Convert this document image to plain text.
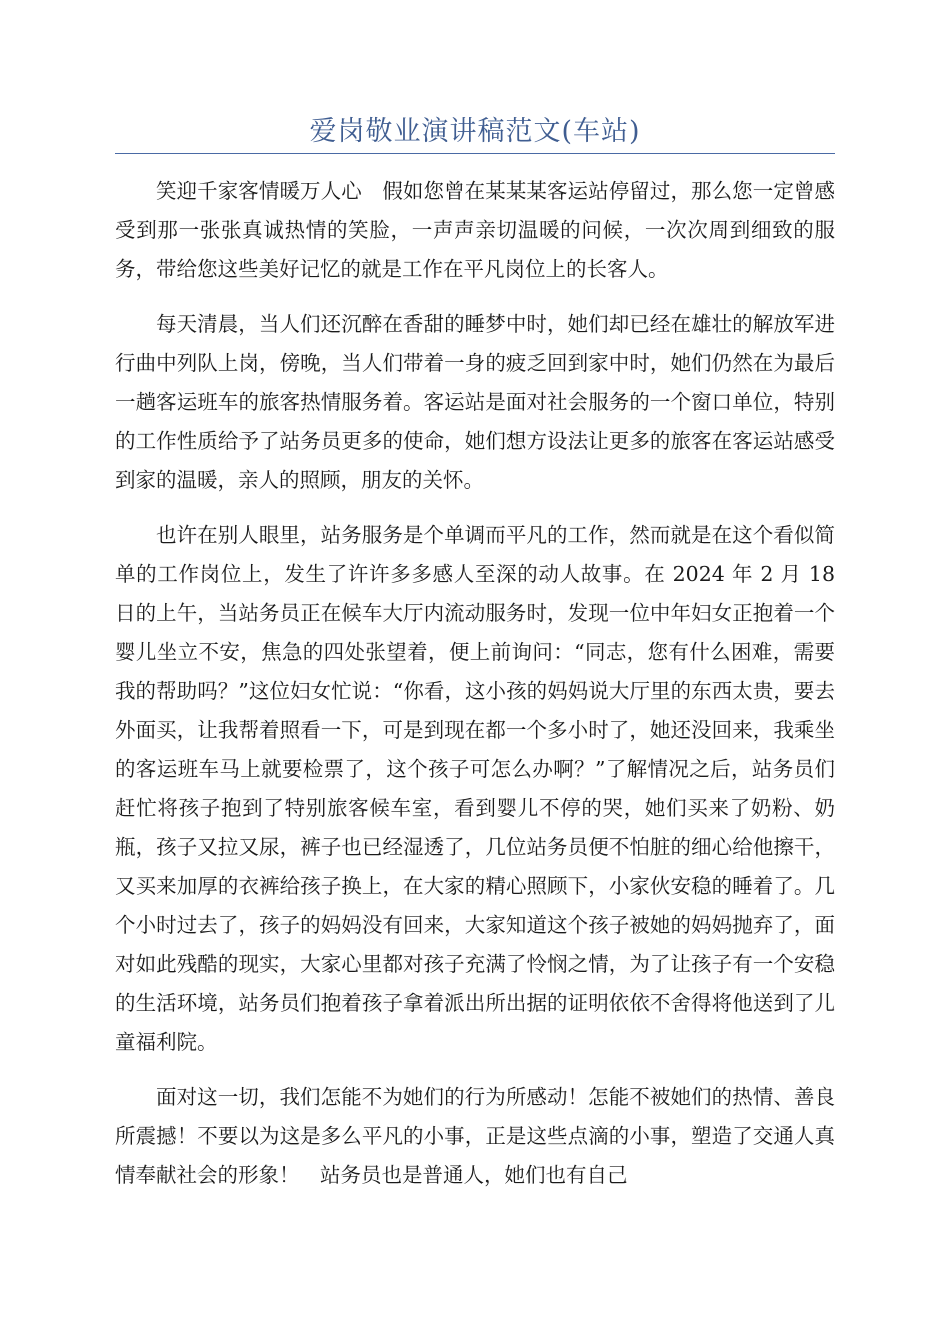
爱岗敬业演讲稿范文(车站)

笑迎千家客情暖万人心　假如您曾在某某某客运站停留过，那么您一定曾感受到那一张张真诚热情的笑脸，一声声亲切温暖的问候，一次次周到细致的服务，带给您这些美好记忆的就是工作在平凡岗位上的长客人。

每天清晨，当人们还沉醉在香甜的睡梦中时，她们却已经在雄壮的解放军进行曲中列队上岗，傍晚，当人们带着一身的疲乏回到家中时，她们仍然在为最后一趟客运班车的旅客热情服务着。客运站是面对社会服务的一个窗口单位，特别的工作性质给予了站务员更多的使命，她们想方设法让更多的旅客在客运站感受到家的温暖，亲人的照顾，朋友的关怀。

也许在别人眼里，站务服务是个单调而平凡的工作，然而就是在这个看似简单的工作岗位上，发生了许许多多感人至深的动人故事。在 2024 年 2 月 18 日的上午，当站务员正在候车大厅内流动服务时，发现一位中年妇女正抱着一个婴儿坐立不安，焦急的四处张望着，便上前询问：“同志，您有什么困难，需要我的帮助吗？”这位妇女忙说：“你看，这小孩的妈妈说大厅里的东西太贵，要去外面买，让我帮着照看一下，可是到现在都一个多小时了，她还没回来，我乘坐的客运班车马上就要检票了，这个孩子可怎么办啊？”了解情况之后，站务员们赶忙将孩子抱到了特别旅客候车室，看到婴儿不停的哭，她们买来了奶粉、奶瓶，孩子又拉又尿，裤子也已经湿透了，几位站务员便不怕脏的细心给他擦干，又买来加厚的衣裤给孩子换上，在大家的精心照顾下，小家伙安稳的睡着了。几个小时过去了，孩子的妈妈没有回来，大家知道这个孩子被她的妈妈抛弃了，面对如此残酷的现实，大家心里都对孩子充满了怜悯之情，为了让孩子有一个安稳的生活环境，站务员们抱着孩子拿着派出所出据的证明依依不舍得将他送到了儿童福利院。

面对这一切，我们怎能不为她们的行为所感动！怎能不被她们的热情、善良所震撼！不要以为这是多么平凡的小事，正是这些点滴的小事，塑造了交通人真情奉献社会的形象！　站务员也是普通人，她们也有自己
